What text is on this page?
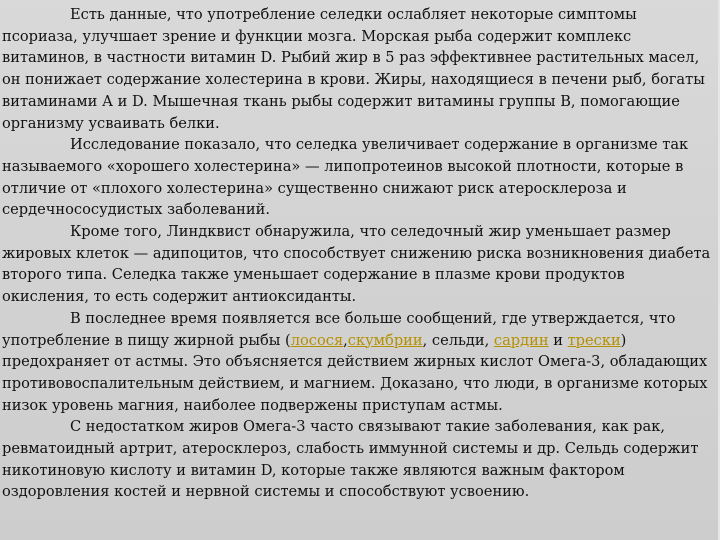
Есть данные, что употребление селедки ослабляет некоторые симптомы псориаза, улучшает зрение и функции мозга. Морская рыба содержит комплекс витаминов, в частности витамин D. Рыбий жир в 5 раз эффективнее растительных масел, он понижает содержание холестерина в крови. Жиры, находящиеся в печени рыб, богаты витаминами А и D. Мышечная ткань рыбы содержит витамины группы B, помогающие организму усваивать белки.

Исследование показало, что селедка увеличивает содержание в организме так называемого «хорошего холестерина» — липопротеинов высокой плотности, которые в отличие от «плохого холестерина» существенно снижают риск атеросклероза и сердечнососудистых заболеваний.

Кроме того, Линдквист обнаружила, что селедочный жир уменьшает размер жировых клеток — адипоцитов, что способствует снижению риска возникновения диабета второго типа. Селедка также уменьшает содержание в плазме крови продуктов окисления, то есть содержит антиоксиданты.

В последнее время появляется все больше сообщений, где утверждается, что употребление в пищу жирной рыбы (лосося,скумбрии, сельди, сардин и трески) предохраняет от астмы. Это объясняется действием жирных кислот Омега-3, обладающих противовоспалительным действием, и магнием. Доказано, что люди, в организме которых низок уровень магния, наиболее подвержены приступам астмы.

С недостатком жиров Омега-3 часто связывают такие заболевания, как рак, ревматоидный артрит, атеросклероз, слабость иммунной системы и др. Сельдь содержит никотиновую кислоту и витамин D, которые также являются важным фактором оздоровления костей и нервной системы и способствуют усвоению.
